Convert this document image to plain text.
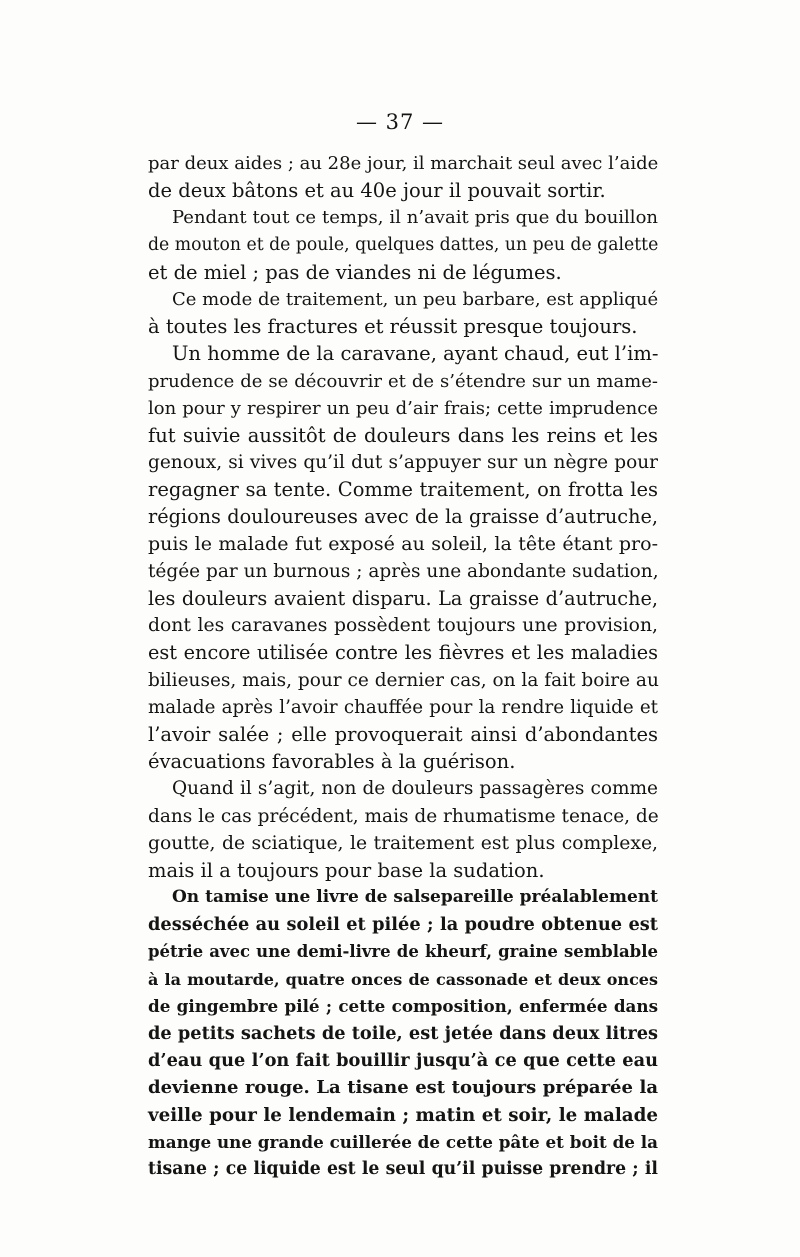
— 37 —
par deux aides ; au 28e jour, il marchait seul avec l’aide
de deux bâtons et au 40e jour il pouvait sortir.
Pendant tout ce temps, il n’avait pris que du bouillon
de mouton et de poule, quelques dattes, un peu de galette
et de miel ; pas de viandes ni de légumes.
Ce mode de traitement, un peu barbare, est appliqué
à toutes les fractures et réussit presque toujours.
Un homme de la caravane, ayant chaud, eut l’im-
prudence de se découvrir et de s’étendre sur un mame-
lon pour y respirer un peu d’air frais; cette imprudence
fut suivie aussitôt de douleurs dans les reins et les
genoux, si vives qu’il dut s’appuyer sur un nègre pour
regagner sa tente. Comme traitement, on frotta les
régions douloureuses avec de la graisse d’autruche,
puis le malade fut exposé au soleil, la tête étant pro-
tégée par un burnous ; après une abondante sudation,
les douleurs avaient disparu. La graisse d’autruche,
dont les caravanes possèdent toujours une provision,
est encore utilisée contre les fièvres et les maladies
bilieuses, mais, pour ce dernier cas, on la fait boire au
malade après l’avoir chauffée pour la rendre liquide et
l’avoir salée ; elle provoquerait ainsi d’abondantes
évacuations favorables à la guérison.
Quand il s’agit, non de douleurs passagères comme
dans le cas précédent, mais de rhumatisme tenace, de
goutte, de sciatique, le traitement est plus complexe,
mais il a toujours pour base la sudation.
On tamise une livre de salsepareille préalablement
desséchée au soleil et pilée ; la poudre obtenue est
pétrie avec une demi-livre de kheurf, graine semblable
à la moutarde, quatre onces de cassonade et deux onces
de gingembre pilé ; cette composition, enfermée dans
de petits sachets de toile, est jetée dans deux litres
d’eau que l’on fait bouillir jusqu’à ce que cette eau
devienne rouge. La tisane est toujours préparée la
veille pour le lendemain ; matin et soir, le malade
mange une grande cuillerée de cette pâte et boit de la
tisane ; ce liquide est le seul qu’il puisse prendre ; il
